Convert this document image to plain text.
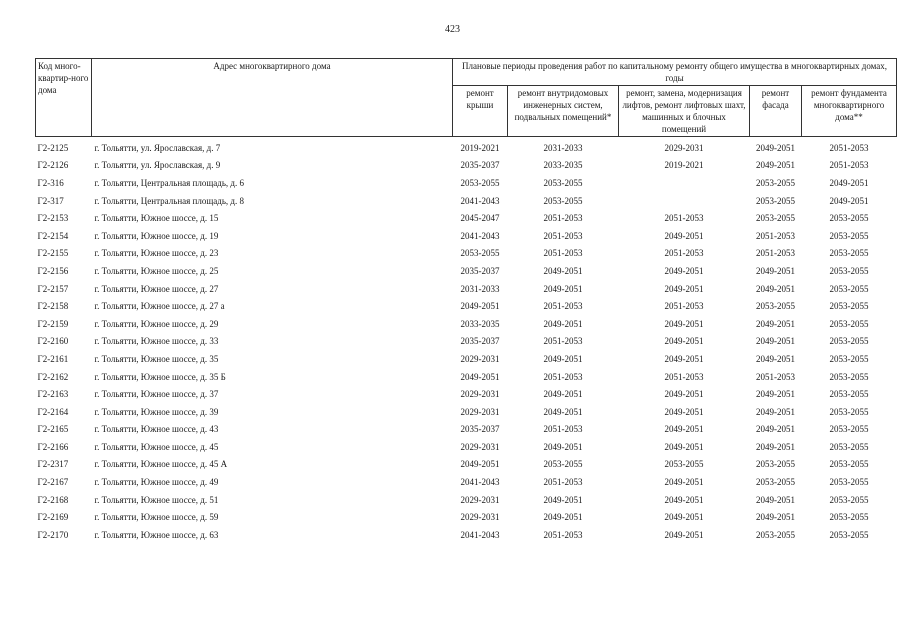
423
Код много-квартир-ного дома	Адрес многоквартирного дома	Плановые периоды проведения работ по капитальному ремонту общего имущества в многоквартирных домах, годы				
		ремонт крыши	ремонт внутридомовых инженерных систем, подвальных помещений*	ремонт, замена, модернизация лифтов, ремонт лифтовых шахт, машинных и блочных помещений	ремонт фасада	ремонт фундамента многоквартирного дома**
Г2-2125	г. Тольятти, ул. Ярославская, д. 7	2019-2021	2031-2033	2029-2031	2049-2051	2051-2053
Г2-2126	г. Тольятти, ул. Ярославская, д. 9	2035-2037	2033-2035	2019-2021	2049-2051	2051-2053
Г2-316	г. Тольятти, Центральная площадь, д. 6	2053-2055	2053-2055		2053-2055	2049-2051
Г2-317	г. Тольятти, Центральная площадь, д. 8	2041-2043	2053-2055		2053-2055	2049-2051
Г2-2153	г. Тольятти, Южное шоссе, д. 15	2045-2047	2051-2053	2051-2053	2053-2055	2053-2055
Г2-2154	г. Тольятти, Южное шоссе, д. 19	2041-2043	2051-2053	2049-2051	2051-2053	2053-2055
Г2-2155	г. Тольятти, Южное шоссе, д. 23	2053-2055	2051-2053	2051-2053	2051-2053	2053-2055
Г2-2156	г. Тольятти, Южное шоссе, д. 25	2035-2037	2049-2051	2049-2051	2049-2051	2053-2055
Г2-2157	г. Тольятти, Южное шоссе, д. 27	2031-2033	2049-2051	2049-2051	2049-2051	2053-2055
Г2-2158	г. Тольятти, Южное шоссе, д. 27 а	2049-2051	2051-2053	2051-2053	2053-2055	2053-2055
Г2-2159	г. Тольятти, Южное шоссе, д. 29	2033-2035	2049-2051	2049-2051	2049-2051	2053-2055
Г2-2160	г. Тольятти, Южное шоссе, д. 33	2035-2037	2051-2053	2049-2051	2049-2051	2053-2055
Г2-2161	г. Тольятти, Южное шоссе, д. 35	2029-2031	2049-2051	2049-2051	2049-2051	2053-2055
Г2-2162	г. Тольятти, Южное шоссе, д. 35 Б	2049-2051	2051-2053	2051-2053	2051-2053	2053-2055
Г2-2163	г. Тольятти, Южное шоссе, д. 37	2029-2031	2049-2051	2049-2051	2049-2051	2053-2055
Г2-2164	г. Тольятти, Южное шоссе, д. 39	2029-2031	2049-2051	2049-2051	2049-2051	2053-2055
Г2-2165	г. Тольятти, Южное шоссе, д. 43	2035-2037	2051-2053	2049-2051	2049-2051	2053-2055
Г2-2166	г. Тольятти, Южное шоссе, д. 45	2029-2031	2049-2051	2049-2051	2049-2051	2053-2055
Г2-2317	г. Тольятти, Южное шоссе, д. 45 А	2049-2051	2053-2055	2053-2055	2053-2055	2053-2055
Г2-2167	г. Тольятти, Южное шоссе, д. 49	2041-2043	2051-2053	2049-2051	2053-2055	2053-2055
Г2-2168	г. Тольятти, Южное шоссе, д. 51	2029-2031	2049-2051	2049-2051	2049-2051	2053-2055
Г2-2169	г. Тольятти, Южное шоссе, д. 59	2029-2031	2049-2051	2049-2051	2049-2051	2053-2055
Г2-2170	г. Тольятти, Южное шоссе, д. 63	2041-2043	2051-2053	2049-2051	2053-2055	2053-2055
